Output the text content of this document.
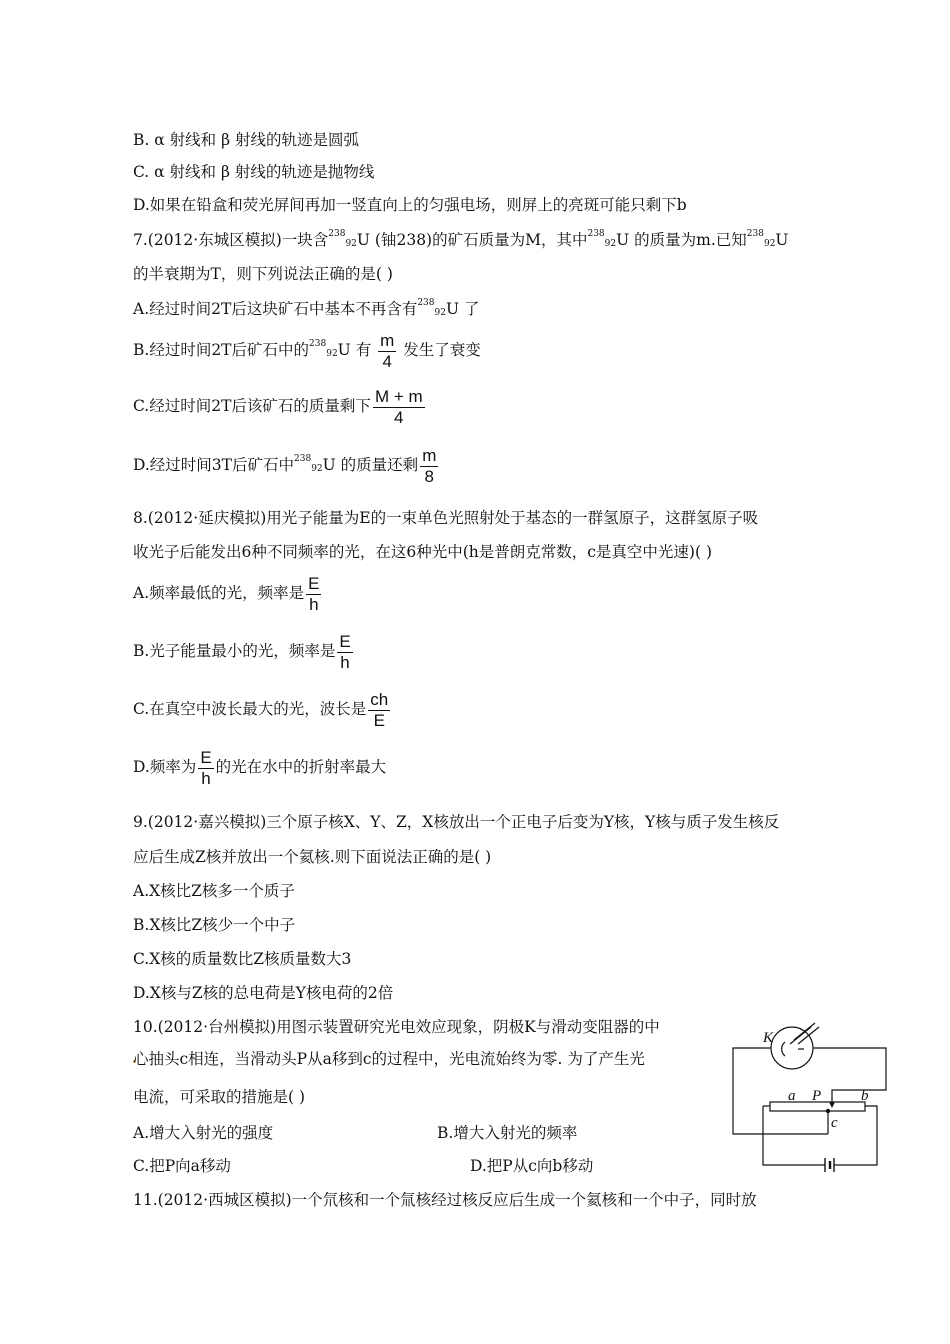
B. α 射线和 β 射线的轨迹是圆弧
C. α 射线和 β 射线的轨迹是抛物线
D.如果在铅盒和荧光屏间再加一竖直向上的匀强电场，则屏上的亮斑可能只剩下b
7.(2012·东城区模拟)一块含$^{238}_{92}$U (铀238)的矿石质量为M，其中$^{238}_{92}$U 的质量为m.已知$^{238}_{92}$U
的半衰期为T，则下列说法正确的是( )
A.经过时间2T后这块矿石中基本不再含有$^{238}_{92}$U 了
B.经过时间2T后矿石中的$^{238}_{92}$U 有 $\frac{m}{4}$ 发生了衰变
C.经过时间2T后该矿石的质量剩下 $\frac{M + m}{4}$
D.经过时间3T后矿石中$^{238}_{92}$U 的质量还剩 $\frac{m}{8}$
8.(2012·延庆模拟)用光子能量为E的一束单色光照射处于基态的一群氢原子，这群氢原子吸
收光子后能发出6种不同频率的光，在这6种光中(h是普朗克常数，c是真空中光速)( )
A.频率最低的光，频率是 $\frac{E}{h}$
B.光子能量最小的光，频率是 $\frac{E}{h}$
C.在真空中波长最大的光，波长是 $\frac{ch}{E}$
D.频率为 $\frac{E}{h}$ 的光在水中的折射率最大
9.(2012·嘉兴模拟)三个原子核X、Y、Z，X核放出一个正电子后变为Y核，Y核与质子发生核反
应后生成Z核并放出一个氦核.则下面说法正确的是( )
A.X核比Z核多一个质子
B.X核比Z核少一个中子
C.X核的质量数比Z核质量数大3
D.X核与Z核的总电荷是Y核电荷的2倍
10.(2012·台州模拟)用图示装置研究光电效应现象，阴极K与滑动变阻器的中
心抽头c相连，当滑动头P从a移到c的过程中，光电流始终为零. 为了产生光
电流，可采取的措施是( )
A.增大入射光的强度	B.增大入射光的频率
C.把P向a移动	D.把P从c向b移动
K
a P	b
c
11.(2012·西城区模拟)一个氘核和一个氚核经过核反应后生成一个氦核和一个中子，同时放
